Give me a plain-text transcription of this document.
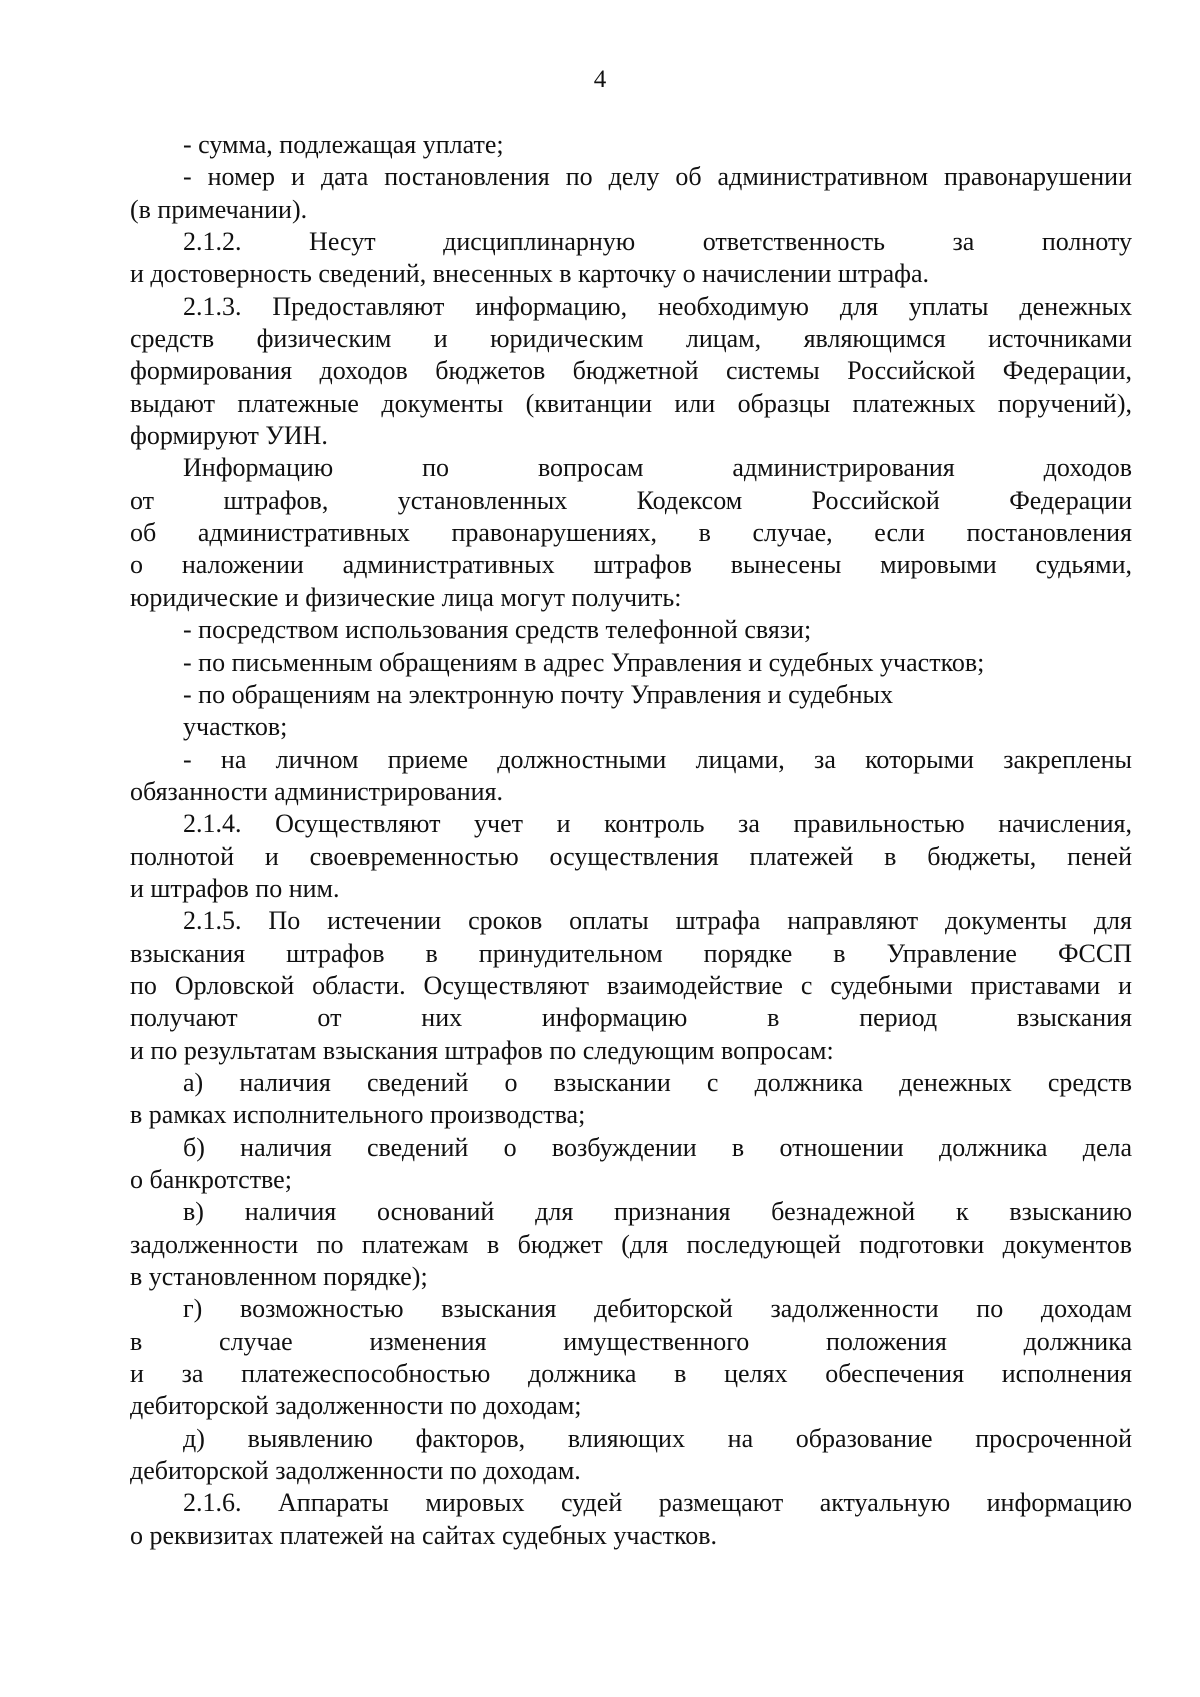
4
- сумма, подлежащая уплате;
- номер и дата постановления по делу об административном правонарушении
(в примечании).
2.1.2. Несут дисциплинарную ответственность за полноту
и достоверность сведений, внесенных в карточку о начислении штрафа.
2.1.3. Предоставляют информацию, необходимую для уплаты денежных
средств физическим и юридическим лицам, являющимся источниками
формирования доходов бюджетов бюджетной системы Российской Федерации,
выдают платежные документы (квитанции или образцы платежных поручений),
формируют УИН.
Информацию по вопросам администрирования доходов
от штрафов, установленных Кодексом Российской Федерации
об административных правонарушениях, в случае, если постановления
о наложении административных штрафов вынесены мировыми судьями,
юридические и физические лица могут получить:
- посредством использования средств телефонной связи;
- по письменным обращениям в адрес Управления и судебных участков;
- по обращениям на электронную почту Управления и судебных
участков;
- на личном приеме должностными лицами, за которыми закреплены
обязанности администрирования.
2.1.4. Осуществляют учет и контроль за правильностью начисления,
полнотой и своевременностью осуществления платежей в бюджеты, пеней
и штрафов по ним.
2.1.5. По истечении сроков оплаты штрафа направляют документы для
взыскания штрафов в принудительном порядке в Управление ФССП
по Орловской области. Осуществляют взаимодействие с судебными приставами и
получают от них информацию в период взыскания
и по результатам взыскания штрафов по следующим вопросам:
а) наличия сведений о взыскании с должника денежных средств
в рамках исполнительного производства;
б) наличия сведений о возбуждении в отношении должника дела
о банкротстве;
в) наличия оснований для признания безнадежной к взысканию
задолженности по платежам в бюджет (для последующей подготовки документов
в установленном порядке);
г) возможностью взыскания дебиторской задолженности по доходам
в случае изменения имущественного положения должника
и за платежеспособностью должника в целях обеспечения исполнения
дебиторской задолженности по доходам;
д) выявлению факторов, влияющих на образование просроченной
дебиторской задолженности по доходам.
2.1.6. Аппараты мировых судей размещают актуальную информацию
о реквизитах платежей на сайтах судебных участков.
